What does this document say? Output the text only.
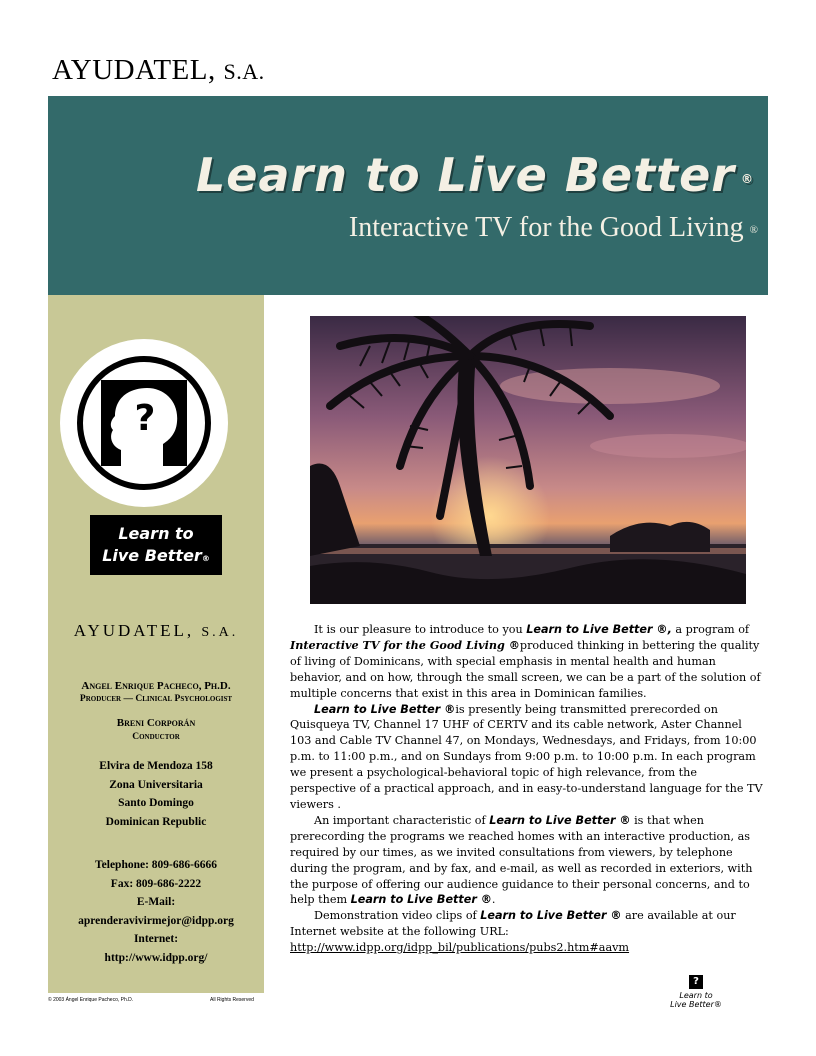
AYUDATEL, S.A.
Learn to Live Better ®
Interactive TV for the Good Living ®
?
Learn to
Live Better®
AYUDATEL, S.A.
Angel Enrique Pacheco, Ph.D.
Producer — Clinical Psychologist
Breni Corporán
Conductor
Elvira de Mendoza 158
Zona Universitaria
Santo Domingo
Dominican Republic
Telephone: 809-686-6666
Fax: 809-686-2222
E-Mail:
aprenderavivirmejor@idpp.org
Internet:
http://www.idpp.org/
© 2003 Ángel Enrique Pacheco, Ph.D.	All Rights Reserved

It is our pleasure to introduce to you Learn to Live Better ®, a program of Interactive TV for the Good Living ®produced thinking in bettering the quality of living of Dominicans, with special emphasis in mental health and human behavior, and on how, through the small screen, we can be a part of the solution of multiple concerns that exist in this area in Dominican families.

Learn to Live Better ®is presently being transmitted prerecorded on Quisqueya TV, Channel 17 UHF of CERTV and its cable network, Aster Channel 103 and Cable TV Channel 47, on Mondays, Wednesdays, and Fridays, from 10:00 p.m. to 11:00 p.m., and on Sundays from 9:00 p.m. to 10:00 p.m. In each program we present a psychological-behavioral topic of high relevance, from the perspective of a practical approach, and in easy-to-understand language for the TV viewers .

An important characteristic of Learn to Live Better ® is that when prerecording the programs we reached homes with an interactive production, as required by our times, as we invited consultations from viewers, by telephone during the program, and by fax, and e-mail, as well as recorded in exteriors, with the purpose of offering our audience guidance to their personal concerns, and to help them Learn to Live Better ®.

Demonstration video clips of Learn to Live Better ® are available at our Internet website at the following URL:

http://www.idpp.org/idpp_bil/publications/pubs2.htm#aavm
?
Learn to
Live Better®
